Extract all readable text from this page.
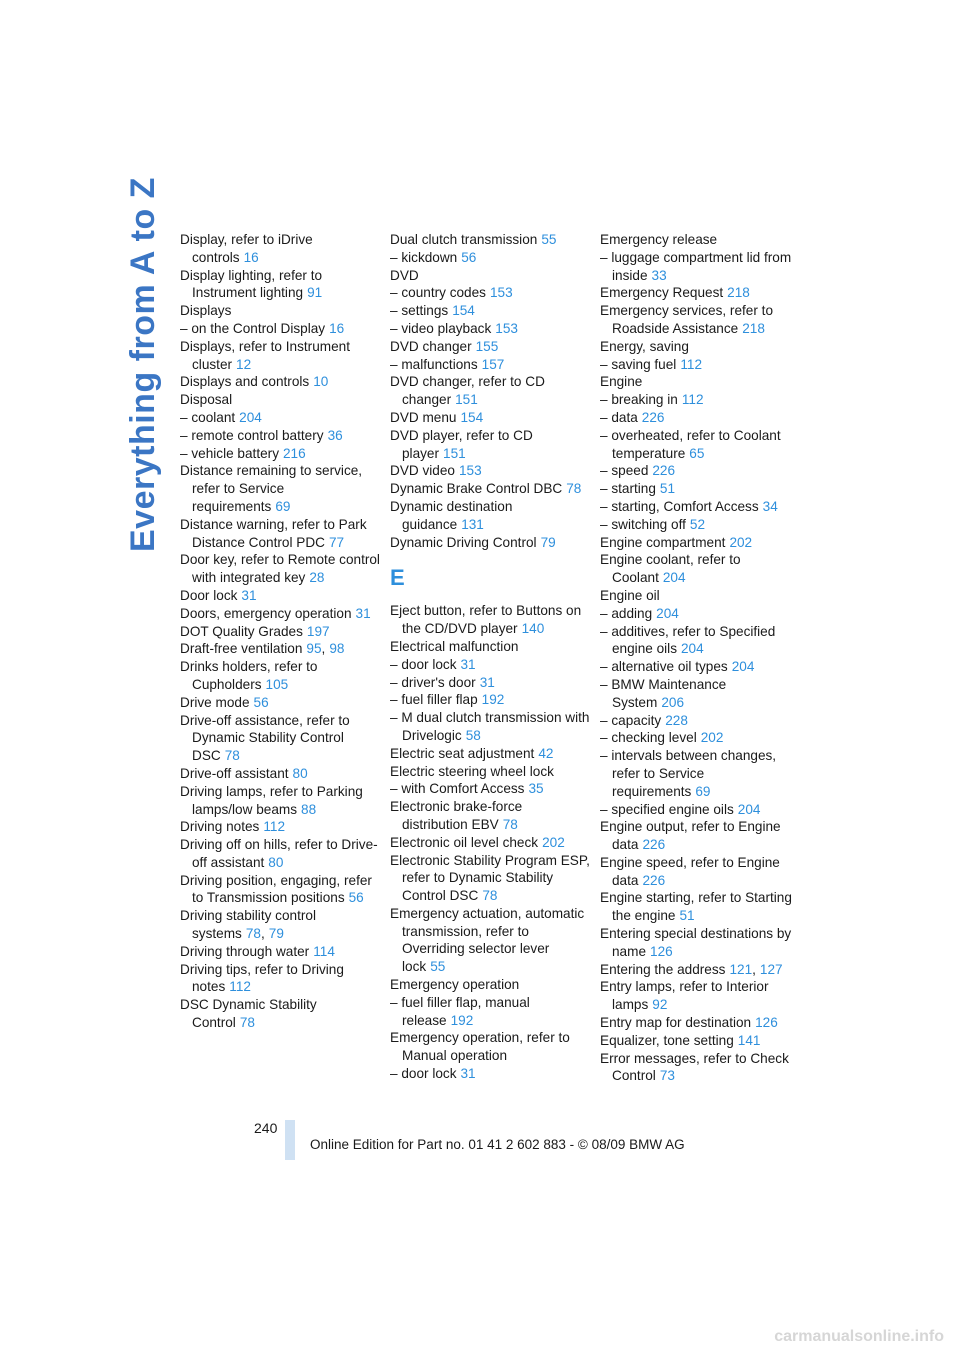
Everything from A to Z Display, refer to iDrive controls 16
Display lighting, refer to Instrument lighting 91
Displays
– on the Control Display 16
Displays, refer to Instrument cluster 12
Displays and controls 10
Disposal
– coolant 204
– remote control battery 36
– vehicle battery 216
Distance remaining to service, refer to Service requirements 69
Distance warning, refer to Park Distance Control PDC 77
Door key, refer to Remote control with integrated key 28
Door lock 31
Doors, emergency operation 31
DOT Quality Grades 197
Draft-free ventilation 95, 98
Drinks holders, refer to Cupholders 105
Drive mode 56
Drive-off assistance, refer to Dynamic Stability Control DSC 78
Drive-off assistant 80
Driving lamps, refer to Parking lamps/low beams 88
Driving notes 112
Driving off on hills, refer to Drive-off assistant 80
Driving position, engaging, refer to Transmission positions 56
Driving stability control systems 78, 79
Driving through water 114
Driving tips, refer to Driving notes 112
DSC Dynamic Stability Control 78
Dual clutch transmission 55
– kickdown 56
DVD
– country codes 153
– settings 154
– video playback 153
DVD changer 155
– malfunctions 157
DVD changer, refer to CD changer 151
DVD menu 154
DVD player, refer to CD player 151
DVD video 153
Dynamic Brake Control DBC 78
Dynamic destination guidance 131
Dynamic Driving Control 79
E
Eject button, refer to Buttons on the CD/DVD player 140
Electrical malfunction
– door lock 31
– driver's door 31
– fuel filler flap 192
– M dual clutch transmission with Drivelogic 58
Electric seat adjustment 42
Electric steering wheel lock
– with Comfort Access 35
Electronic brake-force distribution EBV 78
Electronic oil level check 202
Electronic Stability Program ESP, refer to Dynamic Stability Control DSC 78
Emergency actuation, automatic transmission, refer to Overriding selector lever lock 55
Emergency operation
– fuel filler flap, manual release 192
Emergency operation, refer to Manual operation
– door lock 31
Emergency release
– luggage compartment lid from inside 33
Emergency Request 218
Emergency services, refer to Roadside Assistance 218
Energy, saving
– saving fuel 112
Engine
– breaking in 112
– data 226
– overheated, refer to Coolant temperature 65
– speed 226
– starting 51
– starting, Comfort Access 34
– switching off 52
Engine compartment 202
Engine coolant, refer to Coolant 204
Engine oil
– adding 204
– additives, refer to Specified engine oils 204
– alternative oil types 204
– BMW Maintenance System 206
– capacity 228
– checking level 202
– intervals between changes, refer to Service requirements 69
– specified engine oils 204
Engine output, refer to Engine data 226
Engine speed, refer to Engine data 226
Engine starting, refer to Starting the engine 51
Entering special destinations by name 126
Entering the address 121, 127
Entry lamps, refer to Interior lamps 92
Entry map for destination 126
Equalizer, tone setting 141
Error messages, refer to Check Control 73
240
Online Edition for Part no. 01 41 2 602 883 - © 08/09 BMW AG
carmanualsonline.info
